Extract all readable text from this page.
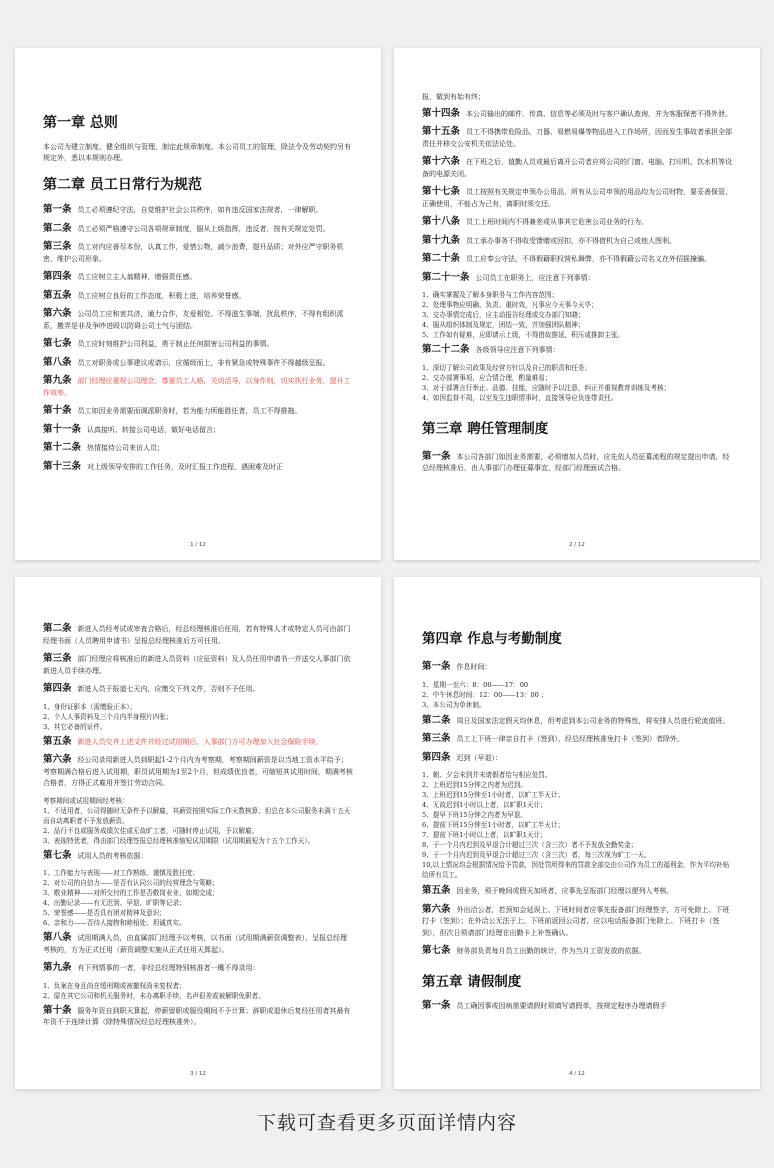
第一章 总则

本公司为建立制度、健全组织与管理，制定此规章制度。本公司员工的管理，除法令及劳动契约另有规定外，悉以本规则办理。

第二章 员工日常行为规范

第一条 员工必须遵纪守法，自觉维护社会公共秩序，如有违反国家法规者，一律解职。

第二条 员工必须严格遵守公司各项规章制度，服从上级指挥，违反者，按有关规定处罚。

第三条 员工对内应善尽本份，认真工作，爱惜公物，减少浪费，提升品质；对外应严守职务机密，维护公司形象。

第四条 员工应树立主人翁精神，增强责任感。

第五条 员工应树立良好的工作态度，积极上进，培养荣誉感。

第六条 公司员工应和衷共济，通力合作，友爱相处。不得滋生事端，扰乱秩序，不得有组织派系，搬弄是非及争吵进殴以防碍公司士气与团结。

第七条 员工应时刻维护公司利益，勇于制止任何损害公司利益的事情。

第八条 员工对职务或公事建议或请示，应循级而上，非有紧急或特殊事件不得越级呈报。

第九条 部门经理应重视公司理念，尊重员工人格，关切活导，以身作则，切实执行业务，提升工作效率。

第十条 员工如因业务需要而调派职务时，若为能力所能胜任者，员工不得推拖。

第十一条 认真接听、转接公司电话，做好电话留言；

第十二条 热情接待公司来访人员；

第十三条 对上级领导安排的工作任务，及时汇报工作进程，遇困难及时正

1 / 12

报，做到有始有终；

第十四条 本公司输出的邮件、传真、信息等必须及时与客户确认查询，并为客服保密不得外泄。

第十五条 员工不得携带危险品、刀器、易燃易爆等物品进入工作场所，因而发生事故者承担全部责任并移交公安机关依法论处。

第十六条 在下班之后，值勤人员或最后离开公司者应将公司的门窗、电脑、打印机、饮水机等设备的电源关闭。

第十七条 员工按照有关规定申领办公用品，所有从公司申领的用品均为公司财物，要妥善保管、正确使用，不能占为己有，离职时须交还。

第十八条 员工上班时间内不得兼差或从事其它危害公司业务的行为。

第十九条 员工承办事务不得收受馈赠或回扣，亦不得借机为自己或他人图利。

第二十条 员工应奉公守法，不得假藉职权营私舞弊，亦不得假藉公司名义在外招摇撞骗。

第二十一条 公司员工在职务上，应注意下列事情：

1、确实掌握及了解本身职务与工作内容范围；

2、处理事物应明确、负责、重时效，凡事应今天事今天毕；

3、交办事情完成后，应主动报告经理或交办部门知晓；

4、服从组织体制及规定，团结一致，并加强团队精神；

5、工作如有疑难，应即请示上级，不得借故推延，积压或推卸主张。

第二十二条 各级领导应注意下列事情：

1、深切了解公司政策及经营方针以及自己的职责和任务；

2、交办部署事项，应合情合理，酌量难易；

3、对于部署言行举止、品德、技能，应随时予以注意，纠正并重视教育训练及考核；

4、如因监督不周，以至发生违职情事时，直接领导应负连带责任。

第三章 聘任管理制度

第一条 本公司各部门如因业务需要，必须增加人员时，应先依人员征募流程的规定提出申请，经总经理核准后，由人事部门办理征募事宜，经部门经理面试合格。

2 / 12

第二条 新进人员经考试或审查合格后，经总经理核准后任用，若有特殊人才或特定人员可由部门经理书面（人员聘用申请书）呈报总经理核准后方可任用。

第三条 部门经理应将核准后的新进人员资料（应征资料）及人员任用申请书一并送交人事部门依新进人员手续办理。

第四条 新进人员于报道七天内，应缴交下列文件，否则不予任用。

1、身份证影本（需缴验正本）；

2、个人人事资料及三个月内半身照片四张；

3、其它必备的证件。

第五条 新进人员交齐上述文件并经过试用期后，人事部门方可办理加入社会保险手续。

第六条 经公司录用新进人员到职起1-2个月内为考察期，考察期间薪资是以当地工资水平给予；考察期满合格后进入试用期，职员试用期为1至2个月，但成绩优良者，可缩短其试用时间，期满考核合格者，方得正式雇用并签订劳动合同。

考察期间或试用期间经考核：

1、不适用者，公司得随时无条件予以解雇，其薪资按照实际工作天数核算；但总在本公司服务未满十五天而自动离职者不予发放薪资。

2、品行不良或服务成绩欠佳或无故旷工者，可随时停止试用，予以解雇。

3、表现特优者，得由部门经理签报总经理核准缩短试用期限（试用期最短为十五个工作天）。

第七条 试用人员的考核依据：

1、工作能力与表现——对工作熟练、谨慎及胜任度；

2、对公司的自信力——是否有认同公司的经营理念与策略；

3、敬业精神——对所交付的工作是否敬岗业业、如期完成；

4、出勤记录——有无迟到、早退、旷职等记录；

5、荣誉感——是否具有团对精神及意识；

6、亲和力——否待人接物和睦相处、坦诚真实。

第八条 试用期满人员，由直属部门经理予以考核，以书面（试用期满薪资调整表），呈报总经理考核的，方为正式任用（薪资调整实施从正式任用天算起）。

第九条 有下列情事的一者，非经总经理特别核准者一概不得录用：

1、负案在身且尚在缓刑期或被撤权尚未复权者；

2、原在其它公司和机关服务时，未办离职手续，名声很差或被解职免职者。

第十条 服务年资自到职天算起，停薪留职或服役期间不予计算；辞职或退休后复经任用者其最有年资不予连续计算（除特殊情况经总经理核准外）。

3 / 12
第四章 作息与考勤制度

第一条 作息时间：

1、星期一至六：8：00——17：00

2、中午休息时间：12：00——13：00 ；

3、本公司为单休制。

第二条 周日及国家法定假天均休息，但考虑到本公司业务的特殊性，将安排人员进行轮流值班。

第三条 员工上下班一律亲自打卡（签到），经总经理核准免打卡（签到）者除外。

第四条 迟到（早退）：

1、朝、夕会未到并未请假者给与相应处罚。

2、上班迟到15分钟之内者为迟到。

3、上班迟到15分钟至1小时者，以旷工半天计；

4、无故迟到1小时以上者，以旷职1天计；

5、提早下班15分钟之内者为早退。

6、提前下班15分钟至1小时者，以旷工半天计；

7、提前下班1小时以上者，以旷职1天计；

8、于一个月内迟到及早退合计超过三次（含三次）者不予发放全勤奖金；

9、于一个月内迟到及早退合计超过三次（含三次）者，每三次视为旷工一天。

10,以上情况均会根据情况给予罚款，因处罚所得来的罚款全部交由公司作为员工的福利金，作为平均补贴给所有员工。

第五条 因业务，须于晚间或假天加班者，应事先呈报部门经理以便列入考核。

第六条 外出洽公者，若预知会延误上、下班时间者应事先报备部门经理签字，方可免除上、下班打卡（签到）；在外洽公无法于上、下班前返回公司者，应以电话报备部门免除上、下班打卡（签到），但次日须请部门经理在出勤卡上补签确认。

第七条 财务部负责每月员工出勤的统计，作为当月工资发放的依据。

第五章 请假制度

第一条 员工确因事或因病需要请假时须填写请假单，按规定程序办理请假手

4 / 12
下载可查看更多页面详情内容
